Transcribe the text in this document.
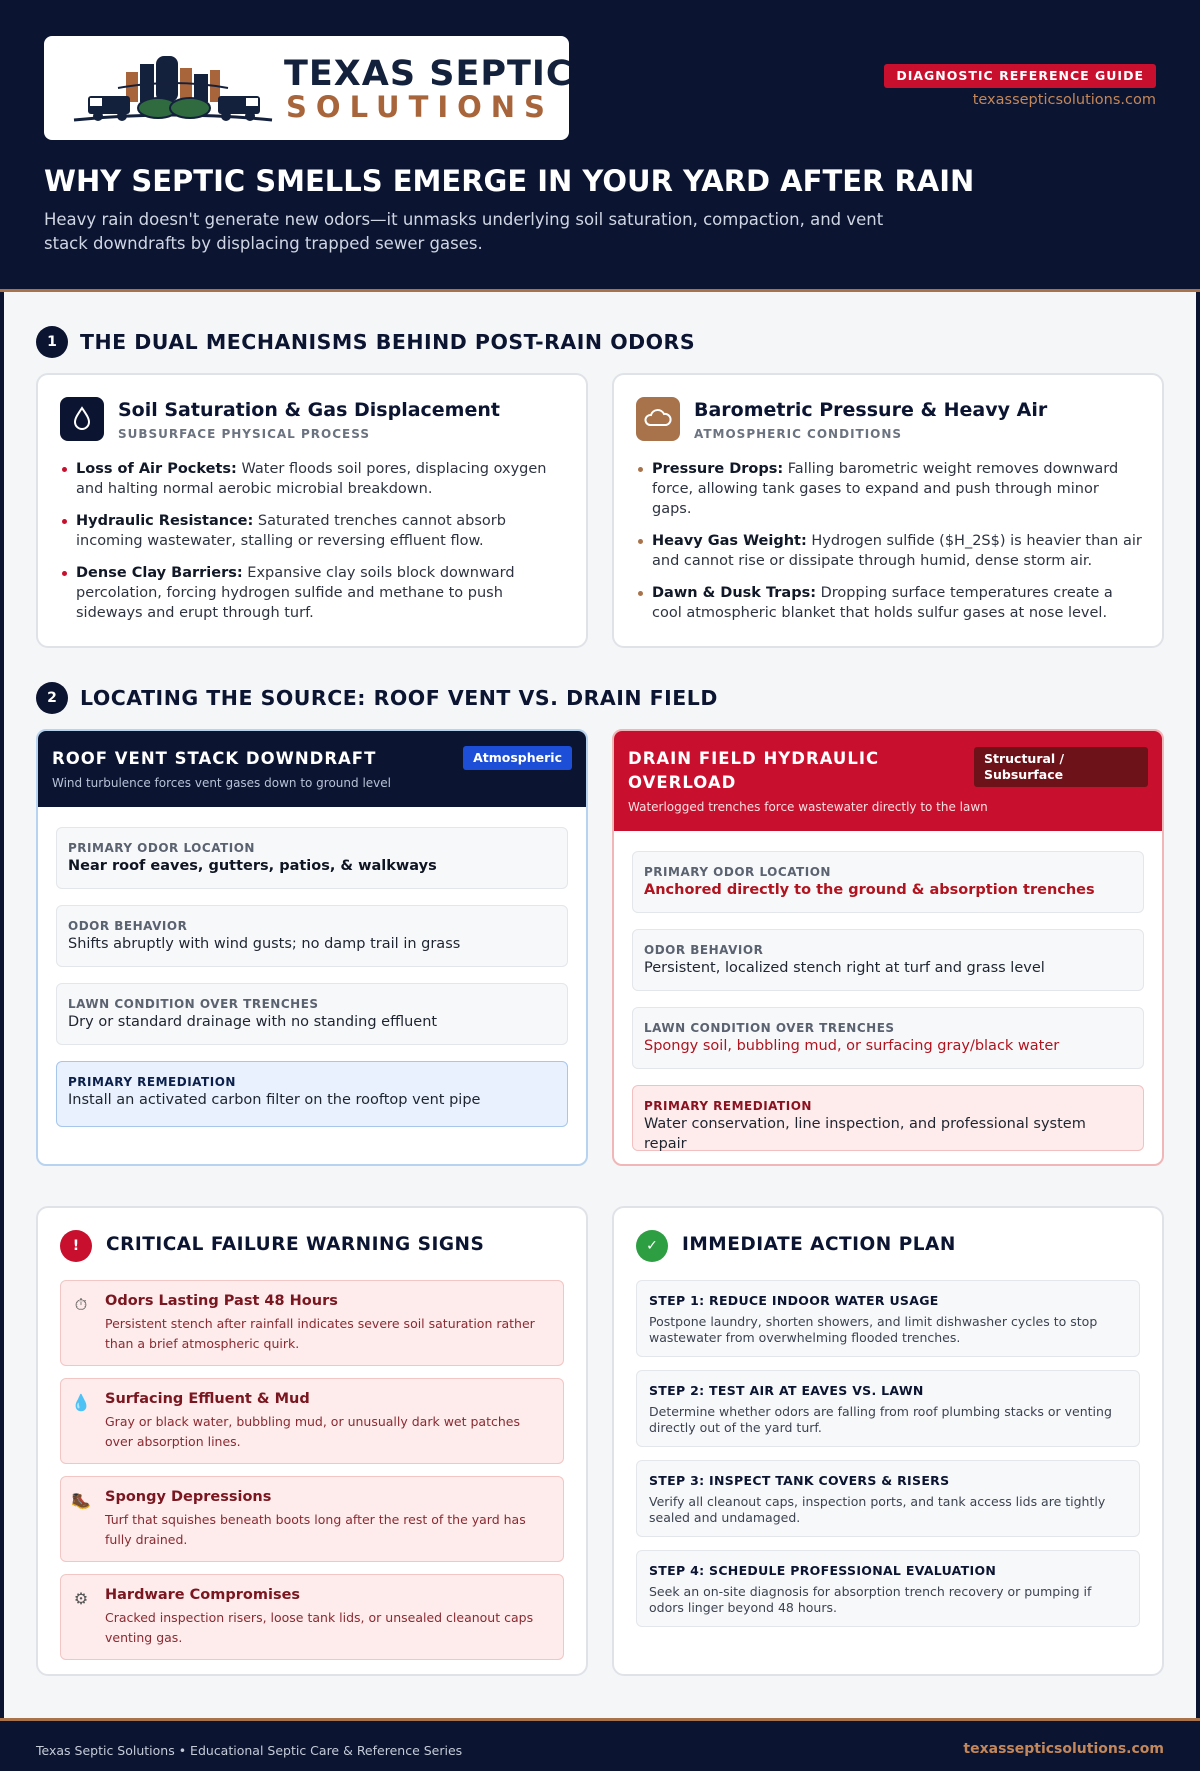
TEXAS SEPTIC
SOLUTIONS
DIAGNOSTIC REFERENCE GUIDE
texassepticsolutions.com
WHY SEPTIC SMELLS EMERGE IN YOUR YARD AFTER RAIN
Heavy rain doesn't generate new odors—it unmasks underlying soil saturation, compaction, and vent stack downdrafts by displacing trapped sewer gases.
1	THE DUAL MECHANISMS BEHIND POST-RAIN ODORS
Soil Saturation & Gas Displacement
SUBSURFACE PHYSICAL PROCESS
Loss of Air Pockets: Water floods soil pores, displacing oxygen and halting normal aerobic microbial breakdown.
Hydraulic Resistance: Saturated trenches cannot absorb incoming wastewater, stalling or reversing effluent flow.
Dense Clay Barriers: Expansive clay soils block downward percolation, forcing hydrogen sulfide and methane to push sideways and erupt through turf.
Barometric Pressure & Heavy Air
ATMOSPHERIC CONDITIONS
Pressure Drops: Falling barometric weight removes downward force, allowing tank gases to expand and push through minor gaps.
Heavy Gas Weight: Hydrogen sulfide ($H_2S$) is heavier than air and cannot rise or dissipate through humid, dense storm air.
Dawn & Dusk Traps: Dropping surface temperatures create a cool atmospheric blanket that holds sulfur gases at nose level.
2	LOCATING THE SOURCE: ROOF VENT VS. DRAIN FIELD
ROOF VENT STACK DOWNDRAFT	Atmospheric
Wind turbulence forces vent gases down to ground level
PRIMARY ODOR LOCATION
Near roof eaves, gutters, patios, & walkways
ODOR BEHAVIOR
Shifts abruptly with wind gusts; no damp trail in grass
LAWN CONDITION OVER TRENCHES
Dry or standard drainage with no standing effluent
PRIMARY REMEDIATION
Install an activated carbon filter on the rooftop vent pipe
DRAIN FIELD HYDRAULIC OVERLOAD
Structural / Subsurface
Waterlogged trenches force wastewater directly to the lawn
PRIMARY ODOR LOCATION
Anchored directly to the ground & absorption trenches
ODOR BEHAVIOR
Persistent, localized stench right at turf and grass level
LAWN CONDITION OVER TRENCHES
Spongy soil, bubbling mud, or surfacing gray/black water
PRIMARY REMEDIATION
Water conservation, line inspection, and professional system repair
!	CRITICAL FAILURE WARNING SIGNS
⏱ Odors Lasting Past 48 Hours
Persistent stench after rainfall indicates severe soil saturation rather than a brief atmospheric quirk.
💧 Surfacing Effluent & Mud
Gray or black water, bubbling mud, or unusually dark wet patches over absorption lines.
🥾 Spongy Depressions
Turf that squishes beneath boots long after the rest of the yard has fully drained.
⚙ Hardware Compromises
Cracked inspection risers, loose tank lids, or unsealed cleanout caps venting gas.
✓	IMMEDIATE ACTION PLAN
STEP 1: REDUCE INDOOR WATER USAGE
Postpone laundry, shorten showers, and limit dishwasher cycles to stop wastewater from overwhelming flooded trenches.
STEP 2: TEST AIR AT EAVES VS. LAWN
Determine whether odors are falling from roof plumbing stacks or venting directly out of the yard turf.
STEP 3: INSPECT TANK COVERS & RISERS
Verify all cleanout caps, inspection ports, and tank access lids are tightly sealed and undamaged.
STEP 4: SCHEDULE PROFESSIONAL EVALUATION
Seek an on-site diagnosis for absorption trench recovery or pumping if odors linger beyond 48 hours.
Texas Septic Solutions • Educational Septic Care & Reference Series	texassepticsolutions.com
